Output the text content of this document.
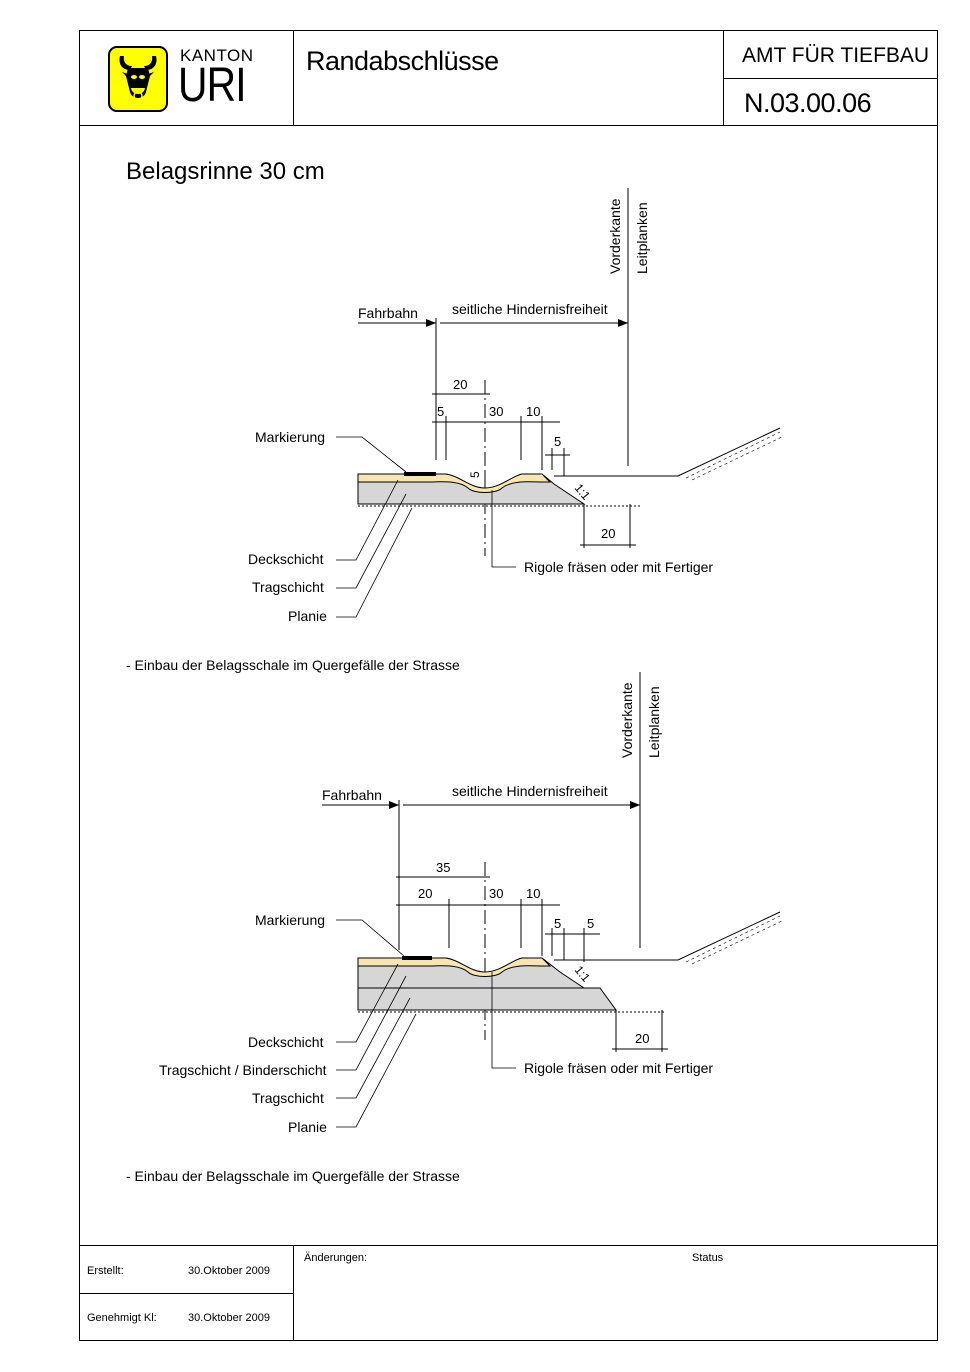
Randabschlüsse	AMT FÜR TIEFBAU
N.03.00.06
Belagsrinne 30 cm
KANTON
URI
Vorderkante Leitplanken
Fahrbahn seitliche Hindernisfreiheit
20
5	30 10
5
5
1:1
20
Markierung
Deckschicht
Tragschicht
Planie
Rigole fräsen oder mit Fertiger
Vorderkante Leitplanken
Fahrbahn	seitliche Hindernisfreiheit
35
20	30 10
5 5
1:1
20
Markierung
Deckschicht
Tragschicht / Binderschicht
Tragschicht
Planie
Rigole fräsen oder mit Fertiger
- Einbau der Belagsschale im Quergefälle der Strasse
- Einbau der Belagsschale im Quergefälle der Strasse
Erstellt:	30.Oktober 2009
Genehmigt Kl:	30.Oktober 2009
Änderungen:	Status
